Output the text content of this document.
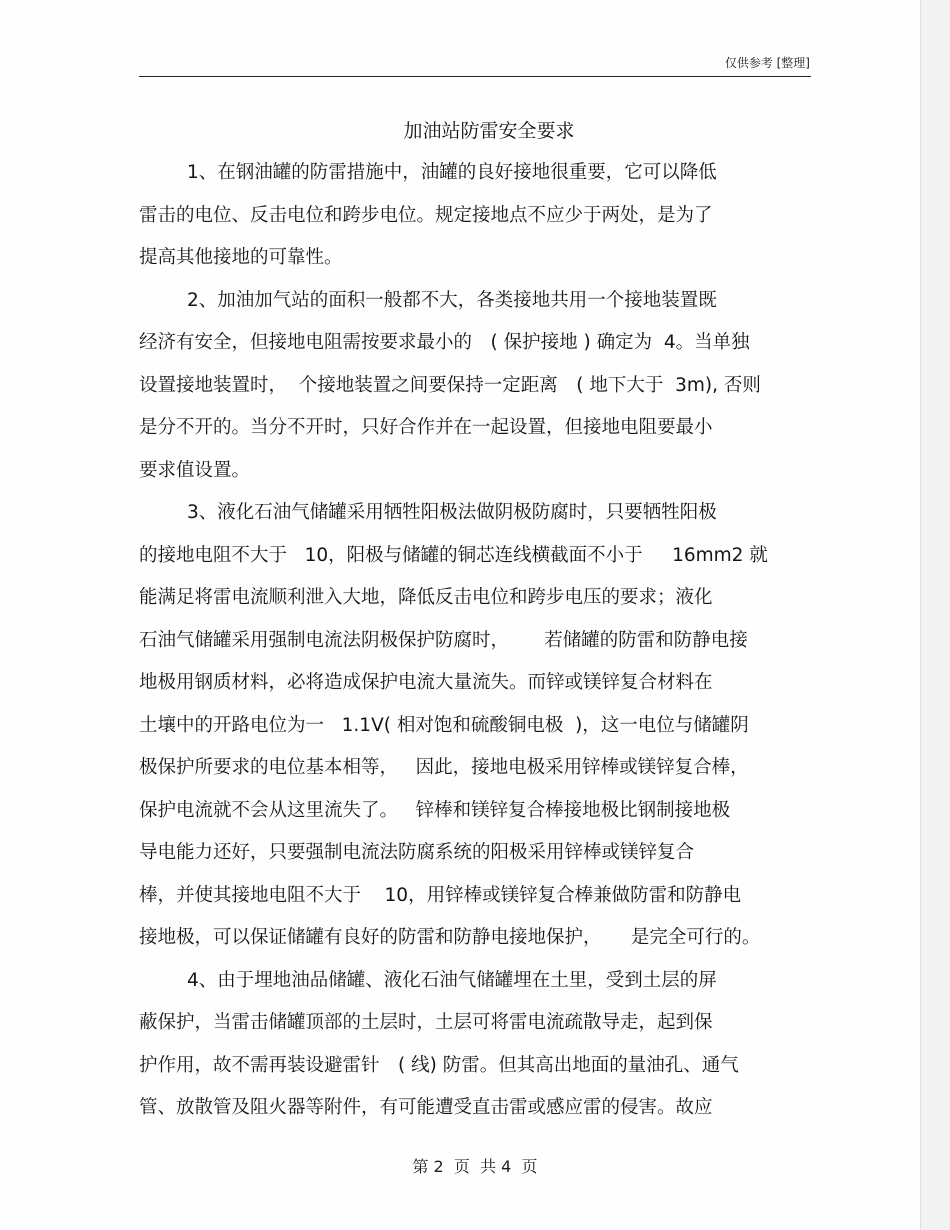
仅供参考 [整理]
加油站防雷安全要求
1、在钢油罐的防雷措施中，油罐的良好接地很重要，它可以降低
雷击的电位、反击电位和跨步电位。规定接地点不应少于两处，是为了
提高其他接地的可靠性。
2、加油加气站的面积一般都不大，各类接地共用一个接地装置既
经济有安全，但接地电阻需按要求最小的　( 保护接地 ) 确定为  4。当单独
设置接地装置时，  个接地装置之间要保持一定距离　( 地下大于  3m), 否则
是分不开的。当分不开时，只好合作并在一起设置，但接地电阻要最小
要求值设置。
3、液化石油气储罐采用牺牲阳极法做阴极防腐时，只要牺牲阳极
的接地电阻不大于   10，阳极与储罐的铜芯连线横截面不小于     16mm2 就
能满足将雷电流顺利泄入大地，降低反击电位和跨步电压的要求；液化
石油气储罐采用强制电流法阴极保护防腐时，      若储罐的防雷和防静电接
地极用钢质材料，必将造成保护电流大量流失。而锌或镁锌复合材料在
土壤中的开路电位为一   1.1V( 相对饱和硫酸铜电极  )，这一电位与储罐阴
极保护所要求的电位基本相等，   因此，接地电极采用锌棒或镁锌复合棒，
保护电流就不会从这里流失了。   锌棒和镁锌复合棒接地极比钢制接地极
导电能力还好，只要强制电流法防腐系统的阳极采用锌棒或镁锌复合
棒，并使其接地电阻不大于    10，用锌棒或镁锌复合棒兼做防雷和防静电
接地极，可以保证储罐有良好的防雷和防静电接地保护，     是完全可行的。
4、由于埋地油品储罐、液化石油气储罐埋在土里，受到土层的屏
蔽保护，当雷击储罐顶部的土层时，土层可将雷电流疏散导走，起到保
护作用，故不需再装设避雷针　( 线) 防雷。但其高出地面的量油孔、通气
管、放散管及阻火器等附件，有可能遭受直击雷或感应雷的侵害。故应
第 2  页  共 4  页
